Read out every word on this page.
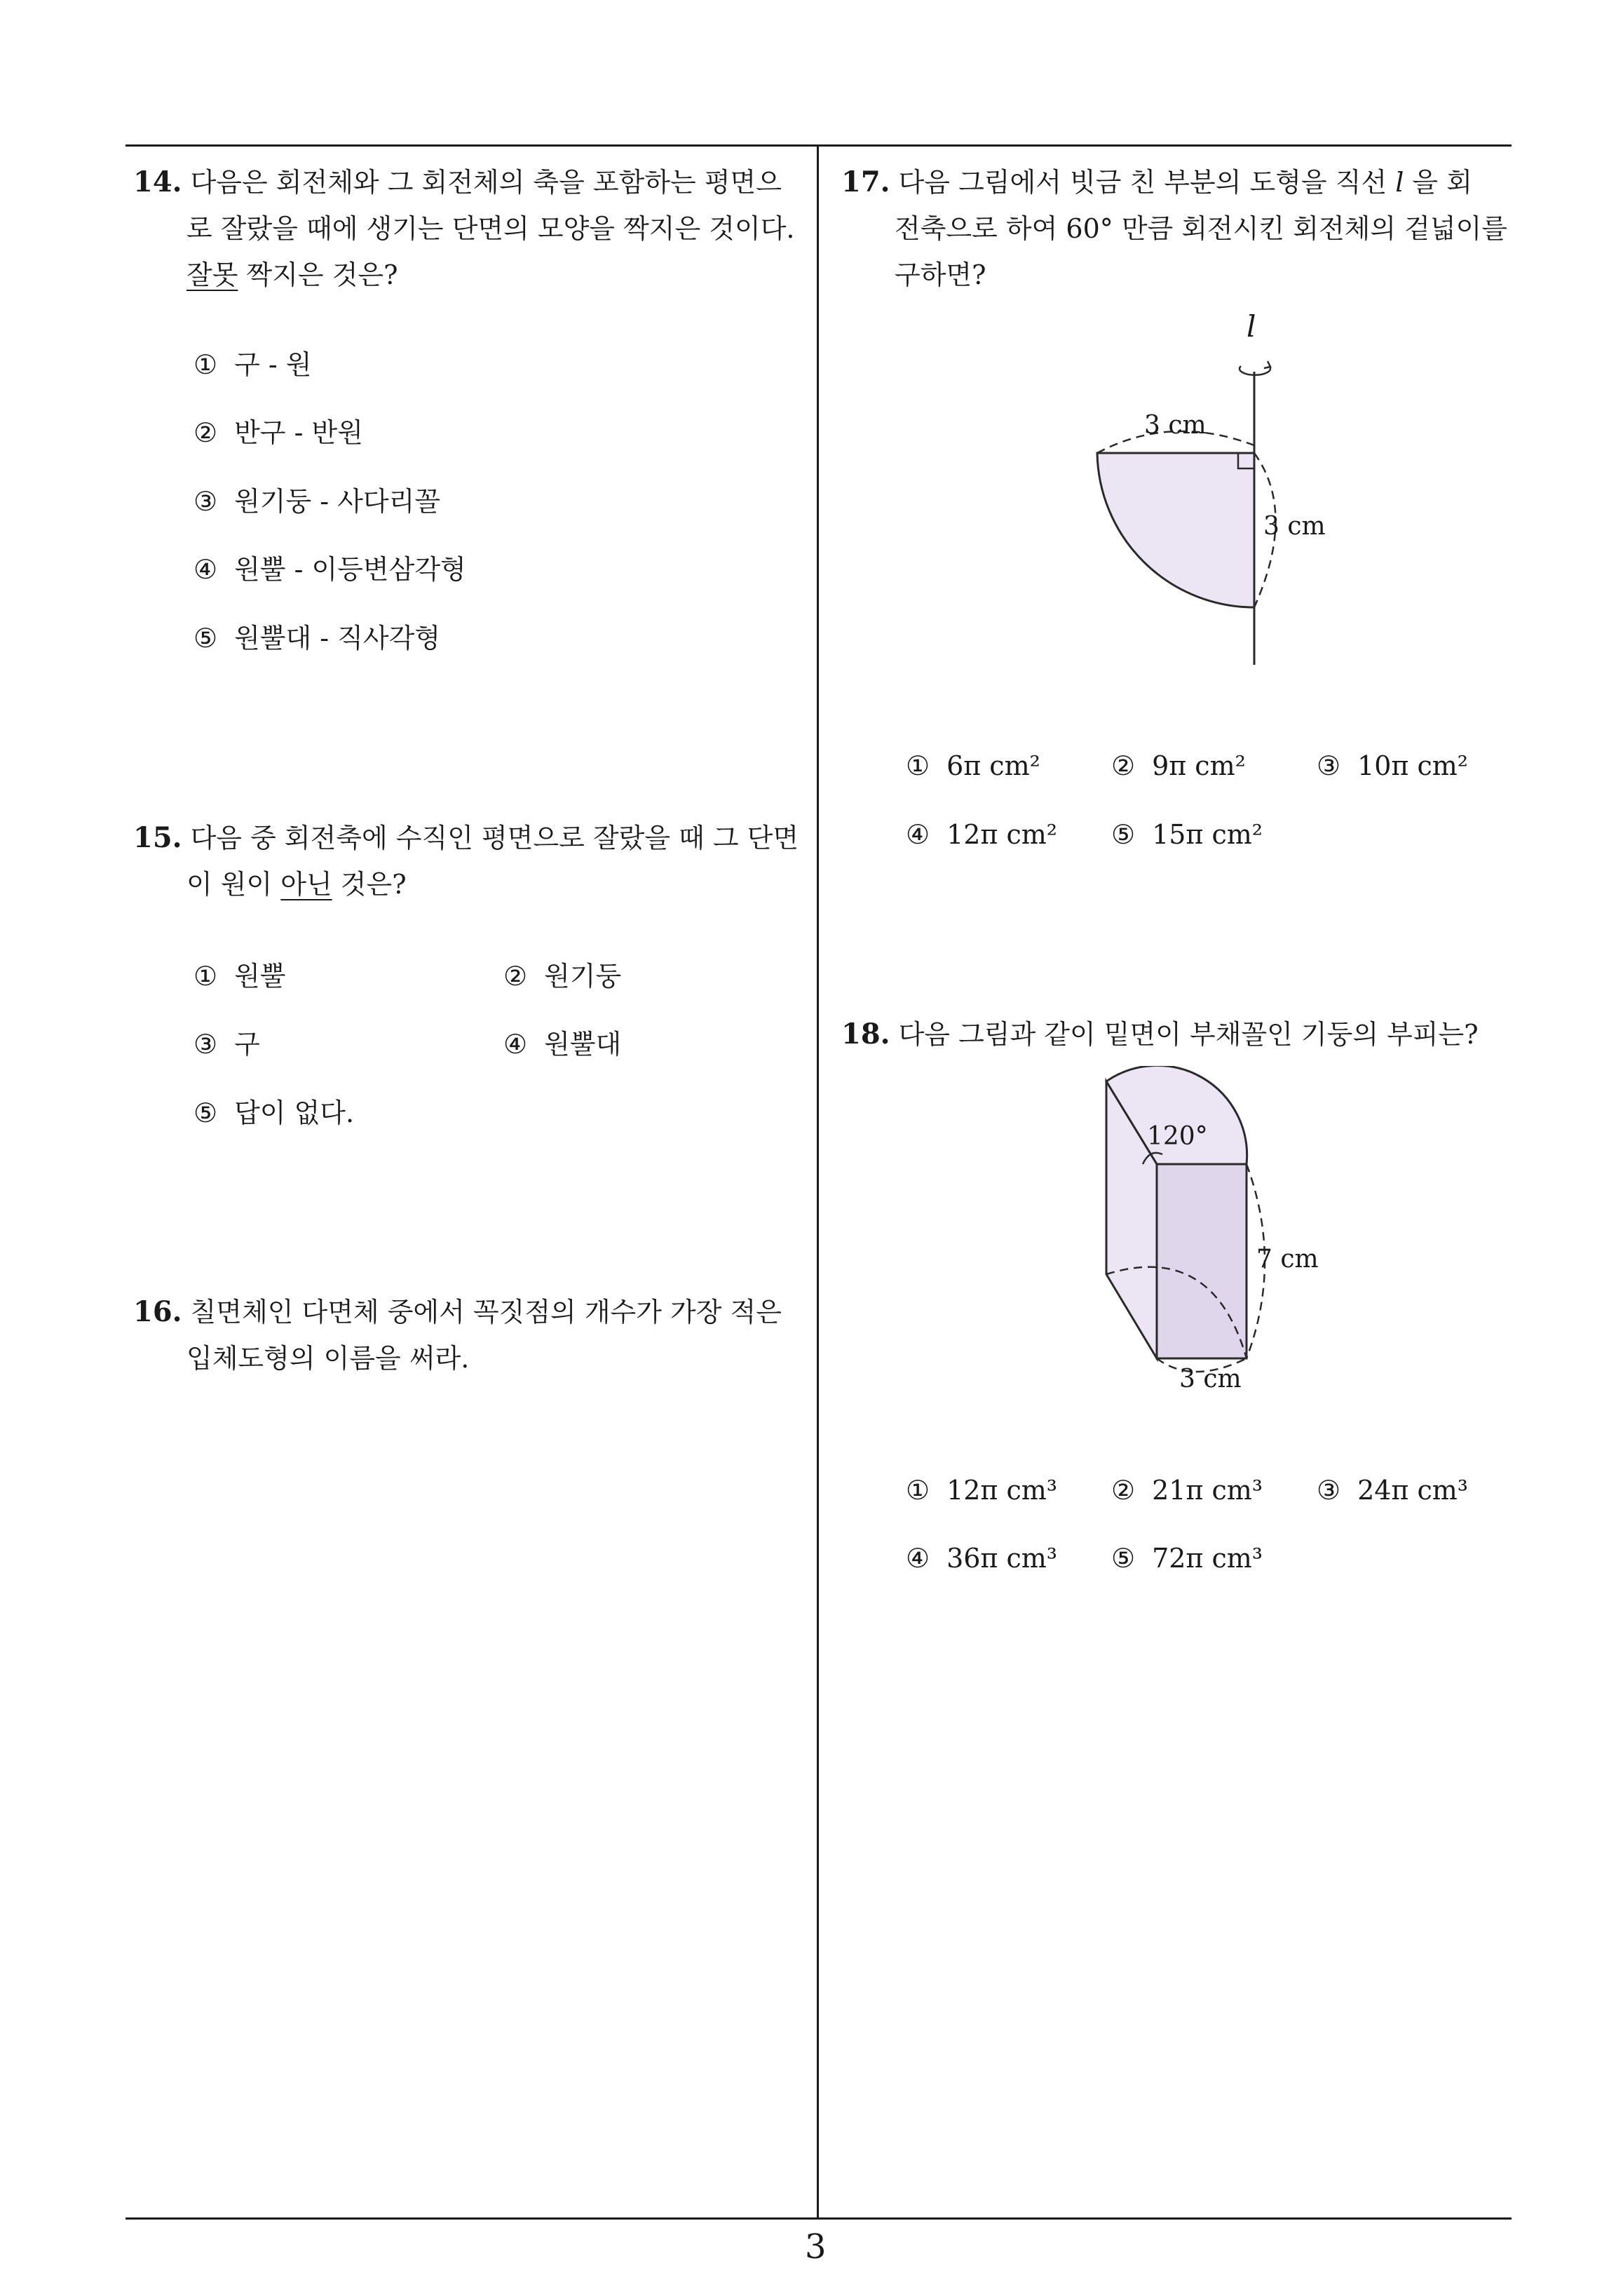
14. 다음은 회전체와 그 회전체의 축을 포함하는 평면으
로 잘랐을 때에 생기는 단면의 모양을 짝지은 것이다.
잘못 짝지은 것은?
① 구 - 원
② 반구 - 반원
③ 원기둥 - 사다리꼴
④ 원뿔 - 이등변삼각형
⑤ 원뿔대 - 직사각형
15. 다음 중 회전축에 수직인 평면으로 잘랐을 때 그 단면
이 원이 아닌 것은?
① 원뿔	② 원기둥
③ 구	④ 원뿔대
⑤ 답이 없다.
16. 칠면체인 다면체 중에서 꼭짓점의 개수가 가장 적은
입체도형의 이름을 써라.
17. 다음 그림에서 빗금 친 부분의 도형을 직선 l 을 회
전축으로 하여 60° 만큼 회전시킨 회전체의 겉넓이를
구하면?
l
3 cm
3 cm
① 6π cm²	② 9π cm²	③ 10π cm²
④ 12π cm² ⑤ 15π cm²
18. 다음 그림과 같이 밑면이 부채꼴인 기둥의 부피는?
120°
7 cm
3 cm
① 12π cm³ ② 21π cm³ ③ 24π cm³
④ 36π cm³ ⑤ 72π cm³
3
